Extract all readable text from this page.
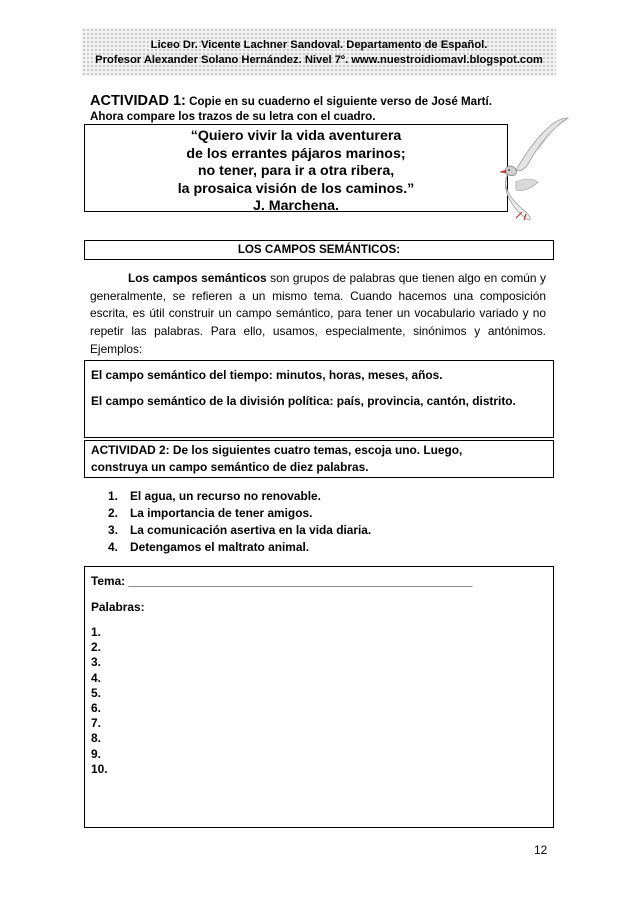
Liceo Dr. Vicente Lachner Sandoval. Departamento de Español.
Profesor Alexander Solano Hernández. Nivel 7º. www.nuestroidiomavl.blogspot.com
ACTIVIDAD 1: Copie en su cuaderno el siguiente verso de José Martí.
Ahora compare los trazos de su letra con el cuadro.
“Quiero vivir la vida aventurera
de los errantes pájaros marinos;
no tener, para ir a otra ribera,
la prosaica visión de los caminos.”
J. Marchena.
LOS CAMPOS SEMÁNTICOS:
Los campos semánticos son grupos de palabras que tienen algo en común y generalmente, se refieren a un mismo tema. Cuando hacemos una composición escrita, es útil construir un campo semántico, para tener un vocabulario variado y no repetir las palabras. Para ello, usamos, especialmente, sinónimos y antónimos. Ejemplos:

El campo semántico del tiempo: minutos, horas, meses, años.

El campo semántico de la división política: país, provincia, cantón, distrito.

ACTIVIDAD 2: De los siguientes cuatro temas, escoja uno. Luego,
construya un campo semántico de diez palabras.
1. El agua, un recurso no renovable.
2. La importancia de tener amigos.
3. La comunicación asertiva en la vida diaria.
4. Detengamos el maltrato animal.
Tema: ____________________________________________________
Palabras:
1.
2.
3.
4.
5.
6.
7.
8.
9.
10.
12
